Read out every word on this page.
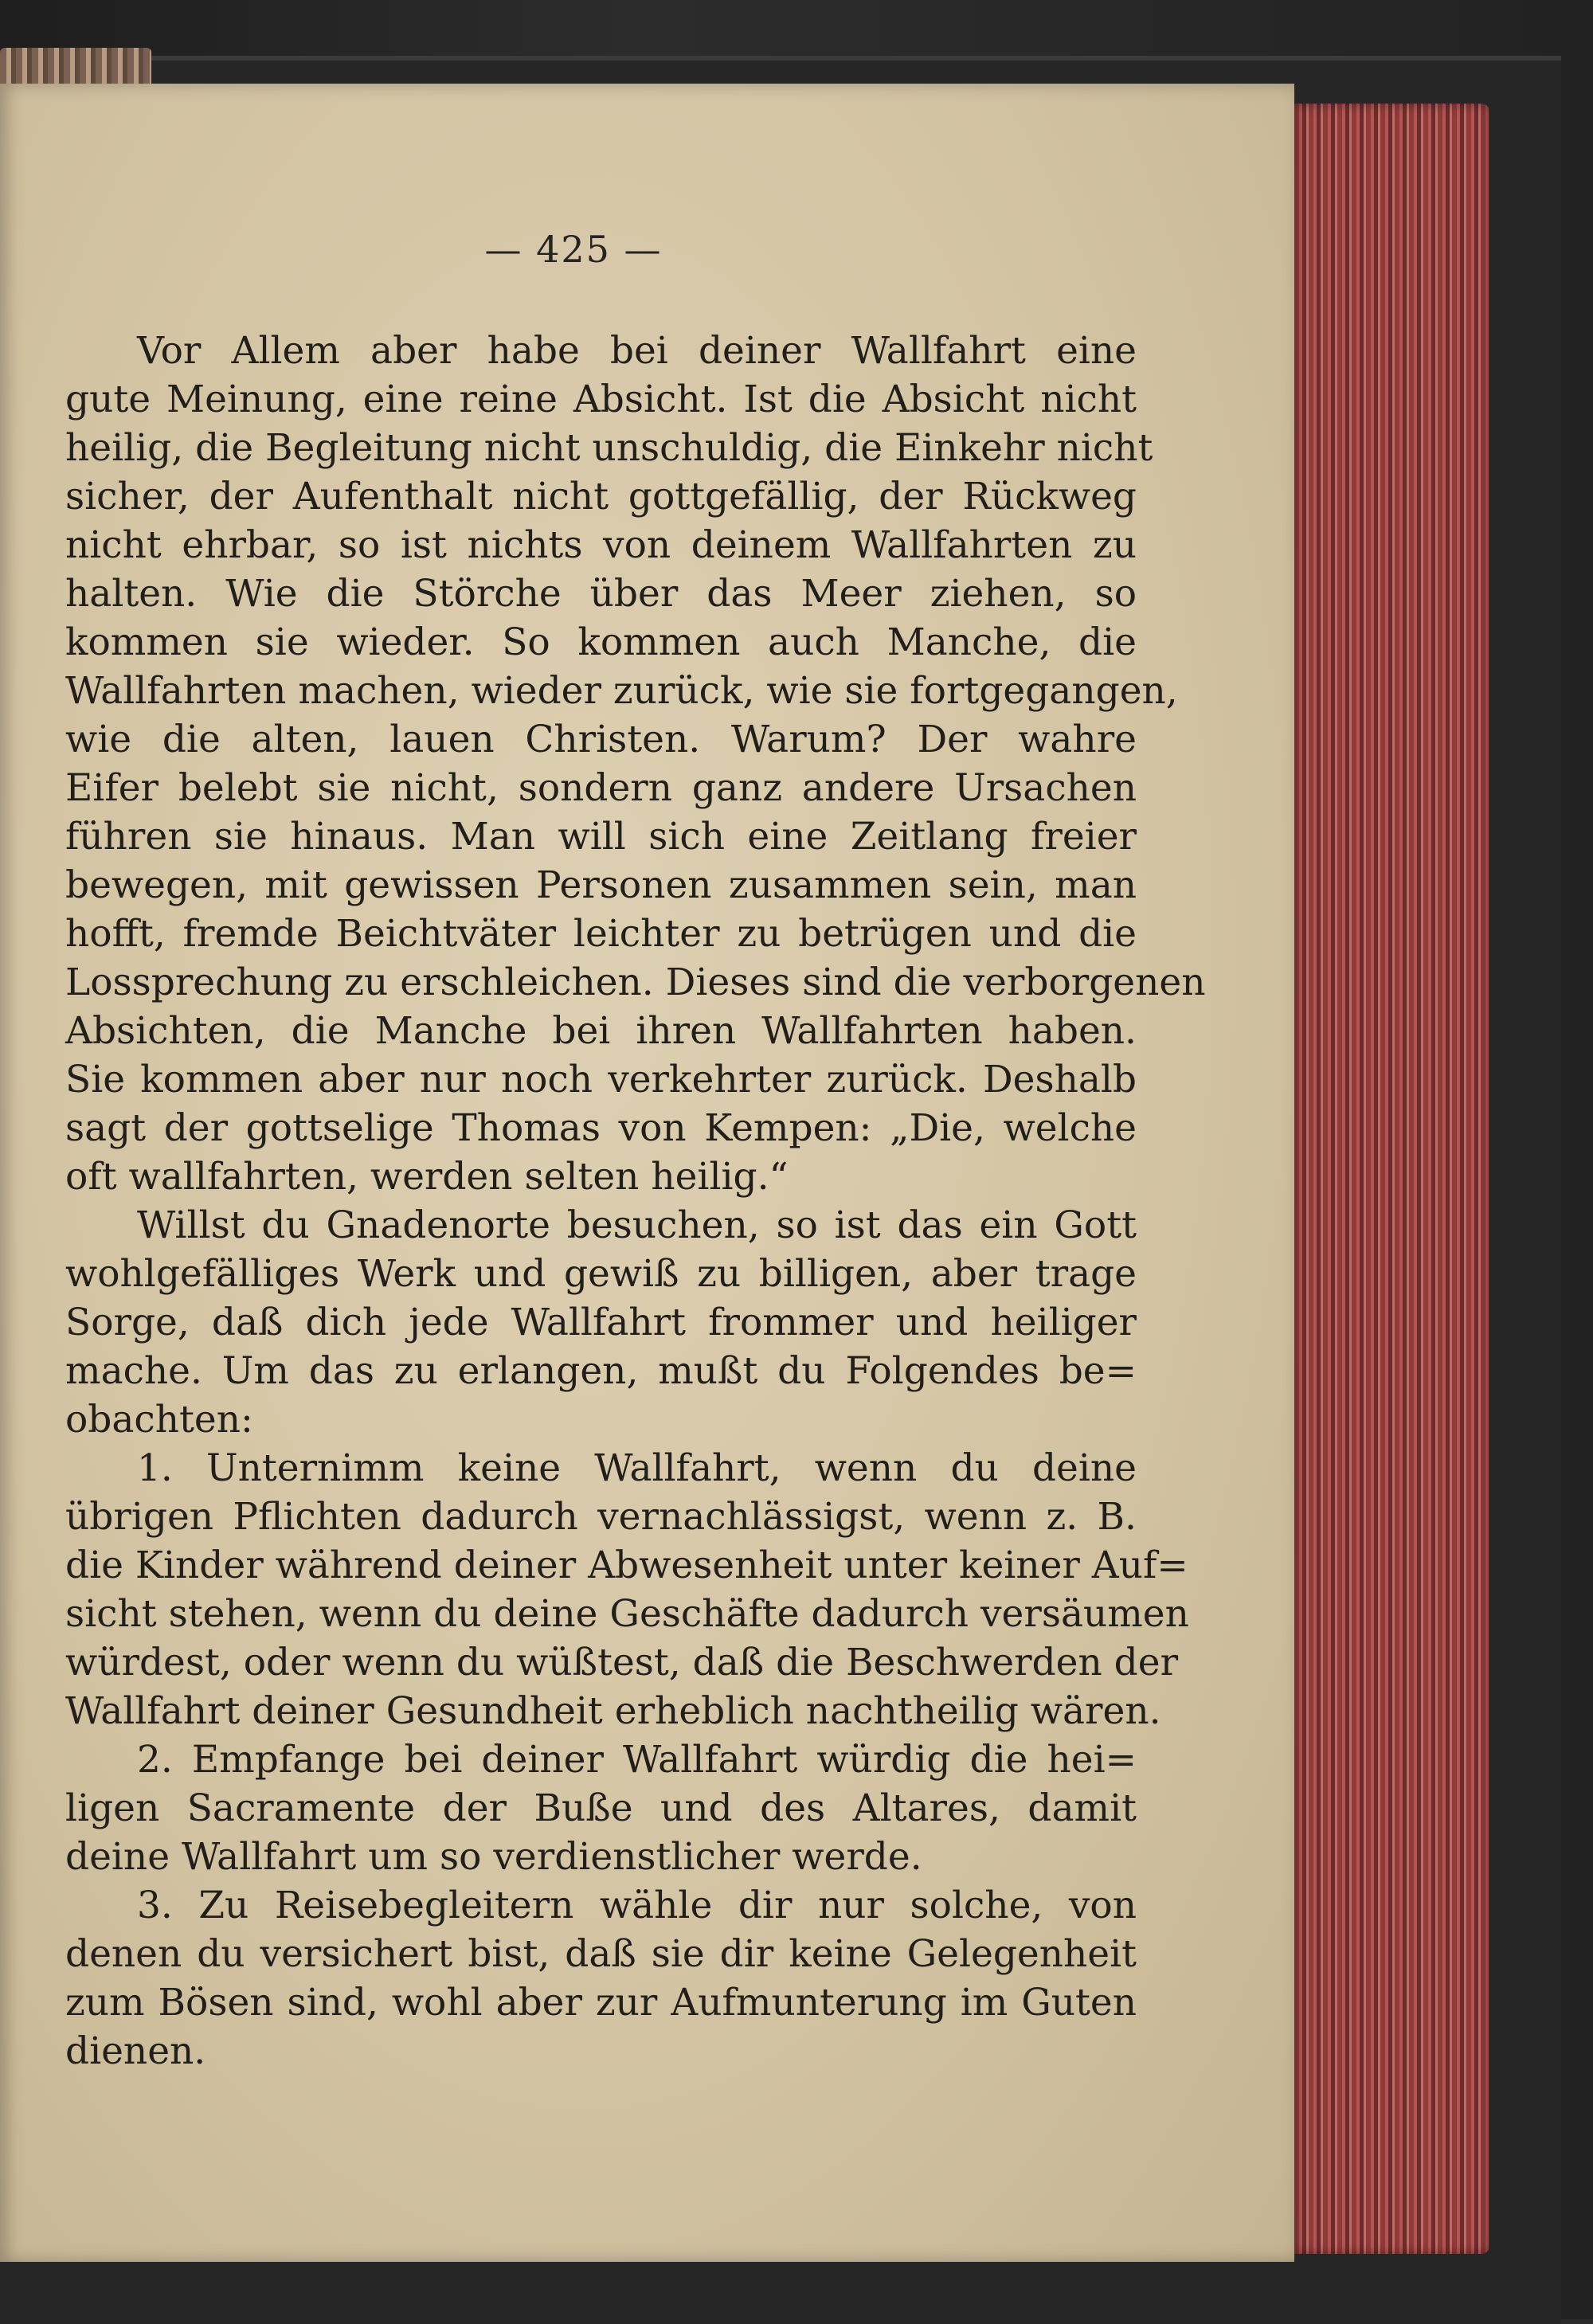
— 425 —
Vor Allem aber habe bei deiner Wallfahrt eine
gute Meinung, eine reine Absicht. Ist die Absicht nicht
heilig, die Begleitung nicht unschuldig, die Einkehr nicht
sicher, der Aufenthalt nicht gottgefällig, der Rückweg
nicht ehrbar, so ist nichts von deinem Wallfahrten zu
halten. Wie die Störche über das Meer ziehen, so
kommen sie wieder. So kommen auch Manche, die
Wallfahrten machen, wieder zurück, wie sie fortgegangen,
wie die alten, lauen Christen. Warum? Der wahre
Eifer belebt sie nicht, sondern ganz andere Ursachen
führen sie hinaus. Man will sich eine Zeitlang freier
bewegen, mit gewissen Personen zusammen sein, man
hofft, fremde Beichtväter leichter zu betrügen und die
Lossprechung zu erschleichen. Dieses sind die verborgenen
Absichten, die Manche bei ihren Wallfahrten haben.
Sie kommen aber nur noch verkehrter zurück. Deshalb
sagt der gottselige Thomas von Kempen: „Die, welche
oft wallfahrten, werden selten heilig.“
Willst du Gnadenorte besuchen, so ist das ein Gott
wohlgefälliges Werk und gewiß zu billigen, aber trage
Sorge, daß dich jede Wallfahrt frommer und heiliger
mache. Um das zu erlangen, mußt du Folgendes be=
obachten:
1. Unternimm keine Wallfahrt, wenn du deine
übrigen Pflichten dadurch vernachlässigst, wenn z. B.
die Kinder während deiner Abwesenheit unter keiner Auf=
sicht stehen, wenn du deine Geschäfte dadurch versäumen
würdest, oder wenn du wüßtest, daß die Beschwerden der
Wallfahrt deiner Gesundheit erheblich nachtheilig wären.
2. Empfange bei deiner Wallfahrt würdig die hei=
ligen Sacramente der Buße und des Altares, damit
deine Wallfahrt um so verdienstlicher werde.
3. Zu Reisebegleitern wähle dir nur solche, von
denen du versichert bist, daß sie dir keine Gelegenheit
zum Bösen sind, wohl aber zur Aufmunterung im Guten
dienen.
